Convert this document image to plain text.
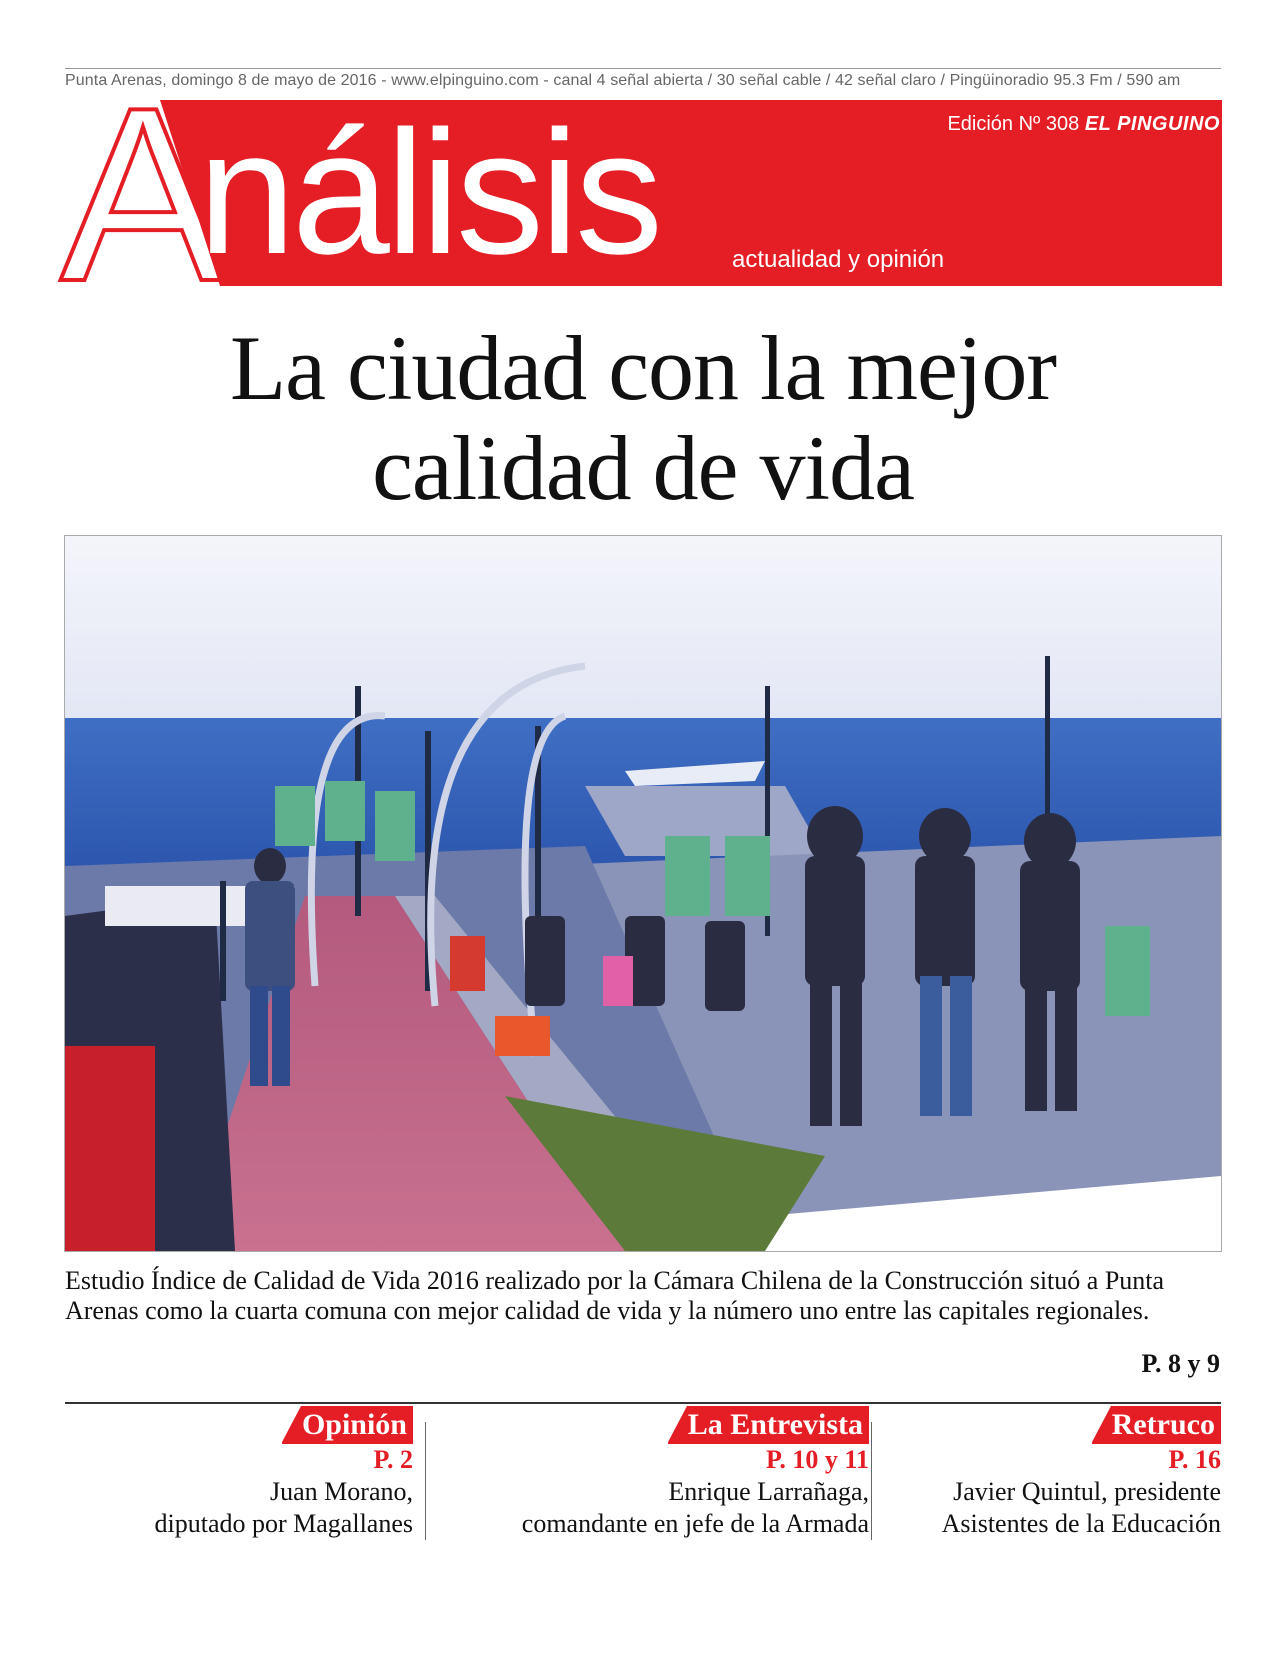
Punta Arenas, domingo 8 de mayo de 2016 - www.elpinguino.com - canal 4 señal abierta / 30 señal cable / 42 señal claro / Pingüinoradio 95.3 Fm / 590 am
A
nálisis	Edición Nº 308 EL PINGUINO
actualidad y opinión
La ciudad con la mejor
calidad de vida
Estudio Índice de Calidad de Vida 2016 realizado por la Cámara Chilena de la Construcción situó a Punta Arenas como la cuarta comuna con mejor calidad de vida y la número uno entre las capitales regionales.
P. 8 y 9
Opinión
P. 2
Juan Morano,
diputado por Magallanes
La Entrevista
P. 10 y 11
Enrique Larrañaga,
comandante en jefe de la Armada
Retruco
P. 16
Javier Quintul, presidente
Asistentes de la Educación
